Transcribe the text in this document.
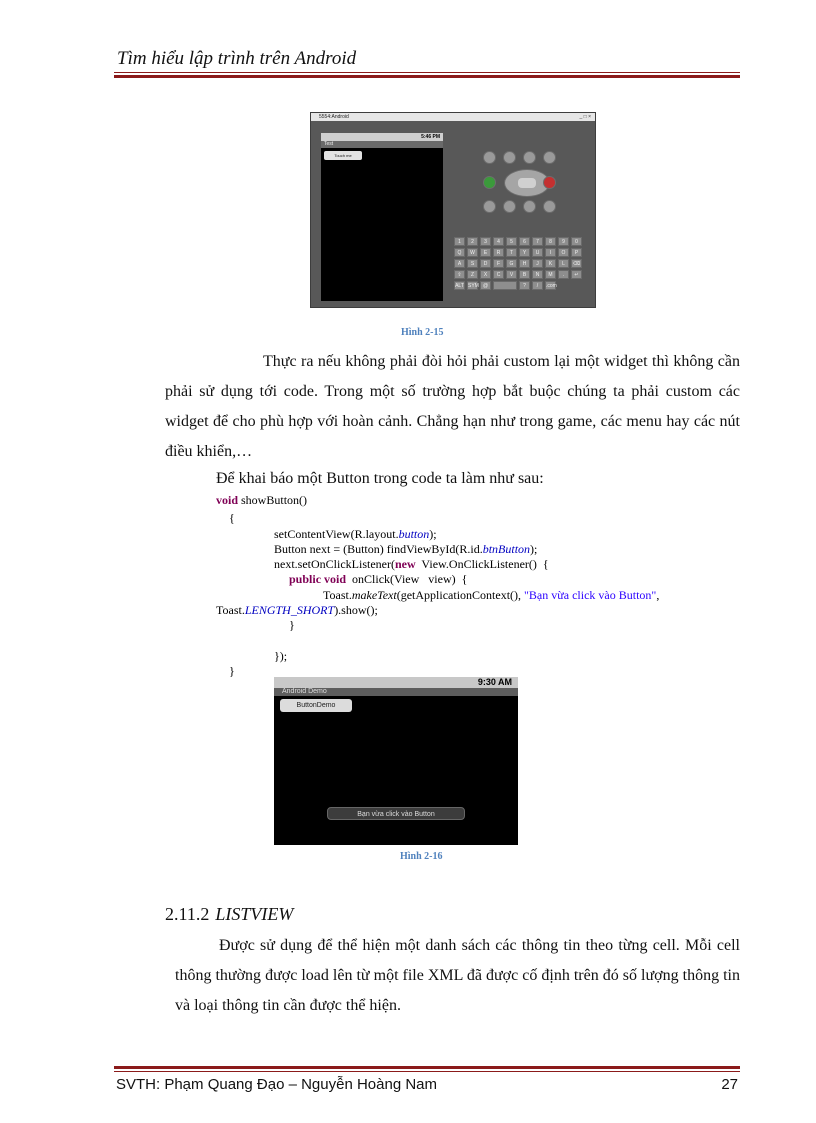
Tìm hiểu lập trình trên Android
5554:Android	_ □ ×
5:46 PM
Test
Touch me
1	2	3	4	5	6	7	8	9	0
Q	W	E	R	T	Y	U	I	O	P
A	S	D	F	G	H	J	K	L	⌫
⇧	Z	X	C	V	B	N	M	.	↵
ALT SYM @	?	/	.com
Hình 2-15

Thực ra nếu không phải đòi hỏi phải custom lại một widget thì không cần phải sử dụng tới code. Trong một số trường hợp bắt buộc chúng ta phải custom các widget để cho phù hợp với hoàn cảnh. Chẳng hạn như trong game, các menu hay các nút điều khiển,…

Để khai báo một Button trong code ta làm như sau:
void showButton()
{
setContentView(R.layout.button);
Button next = (Button) findViewById(R.id.btnButton);
next.setOnClickListener(new  View.OnClickListener()  {
public void  onClick(View   view)  {
Toast.makeText(getApplicationContext(), "Bạn vừa click vào Button",
Toast.LENGTH_SHORT).show();
}
});
}
9:30 AM
Android Demo
ButtonDemo
Bạn vừa click vào Button
Hình 2-16
2.11.2 LISTVIEW

Được sử dụng để thể hiện một danh sách các thông tin theo từng cell. Mỗi cell thông thường được load lên từ một file XML đã được cố định trên đó số lượng thông tin và loại thông tin cần được thể hiện.

SVTH: Phạm Quang Đạo – Nguyễn Hoàng Nam	27
